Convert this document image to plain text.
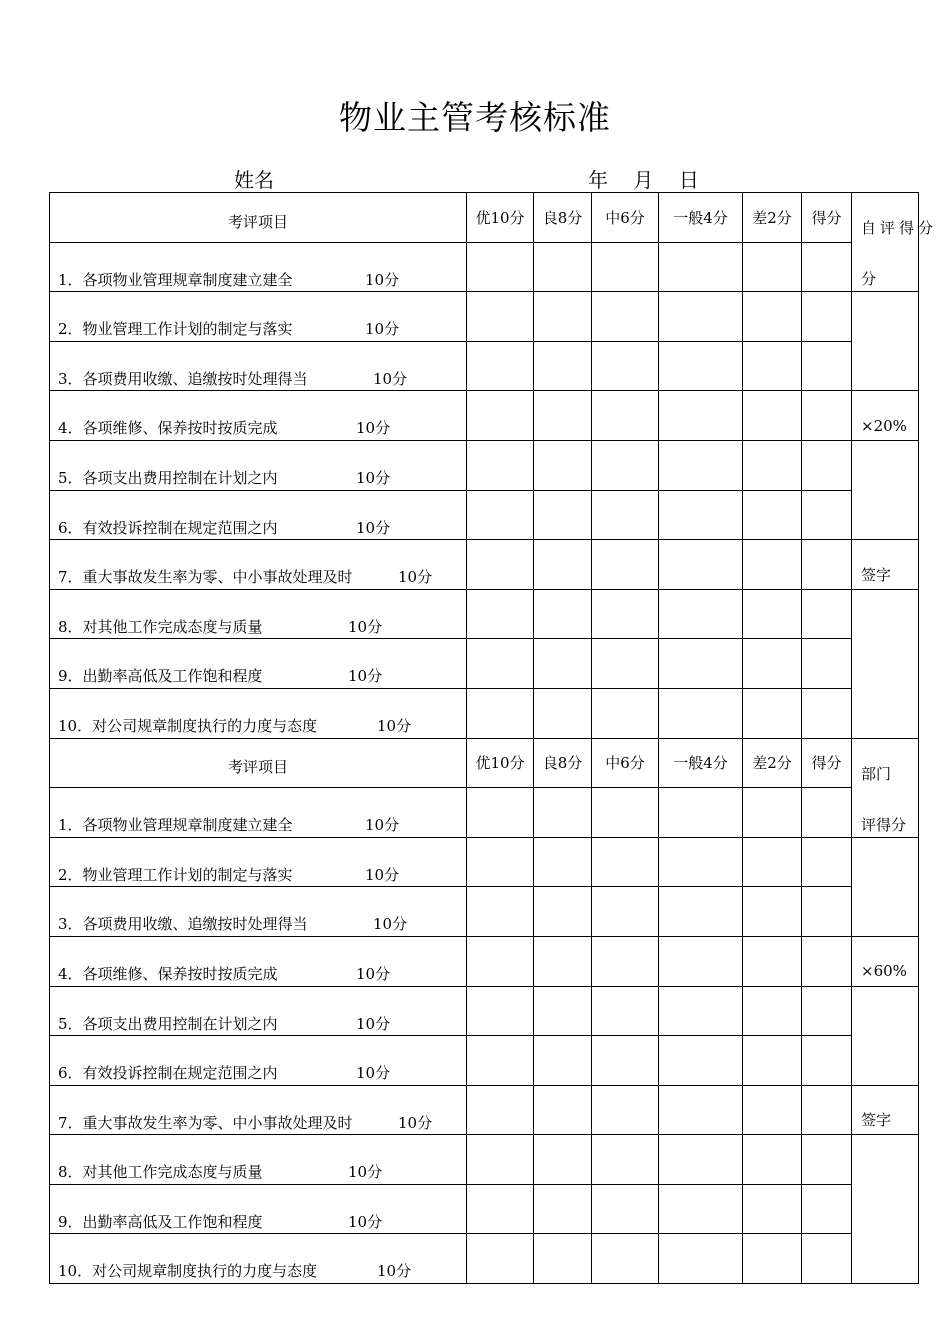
物业主管考核标准
姓名	年    月    日
考评项目	优10分	良8分	中6分	一般4分	差2分	得分	自评得分
分

1．各项物业管理规章制度建立建全 10分							

2．物业管理工作计划的制定与落实 10分							

3．各项费用收缴、追缴按时处理得当 10分							

4．各项维修、保养按时按质完成 10分							×20%

5．各项支出费用控制在计划之内 10分							

6．有效投诉控制在规定范围之内 10分							

7．重大事故发生率为零、中小事故处理及时 10分							签字

8．对其他工作完成态度与质量 10分							

9．出勤率高低及工作饱和程度 10分							

10．对公司规章制度执行的力度与态度 10分							

考评项目	优10分	良8分	中6分	一般4分	差2分	得分	部门
评得分

1．各项物业管理规章制度建立建全 10分							

2．物业管理工作计划的制定与落实 10分							

3．各项费用收缴、追缴按时处理得当 10分							

4．各项维修、保养按时按质完成 10分							×60%

5．各项支出费用控制在计划之内 10分							

6．有效投诉控制在规定范围之内 10分							

7．重大事故发生率为零、中小事故处理及时 10分							签字

8．对其他工作完成态度与质量 10分							

9．出勤率高低及工作饱和程度 10分							

10．对公司规章制度执行的力度与态度 10分							
